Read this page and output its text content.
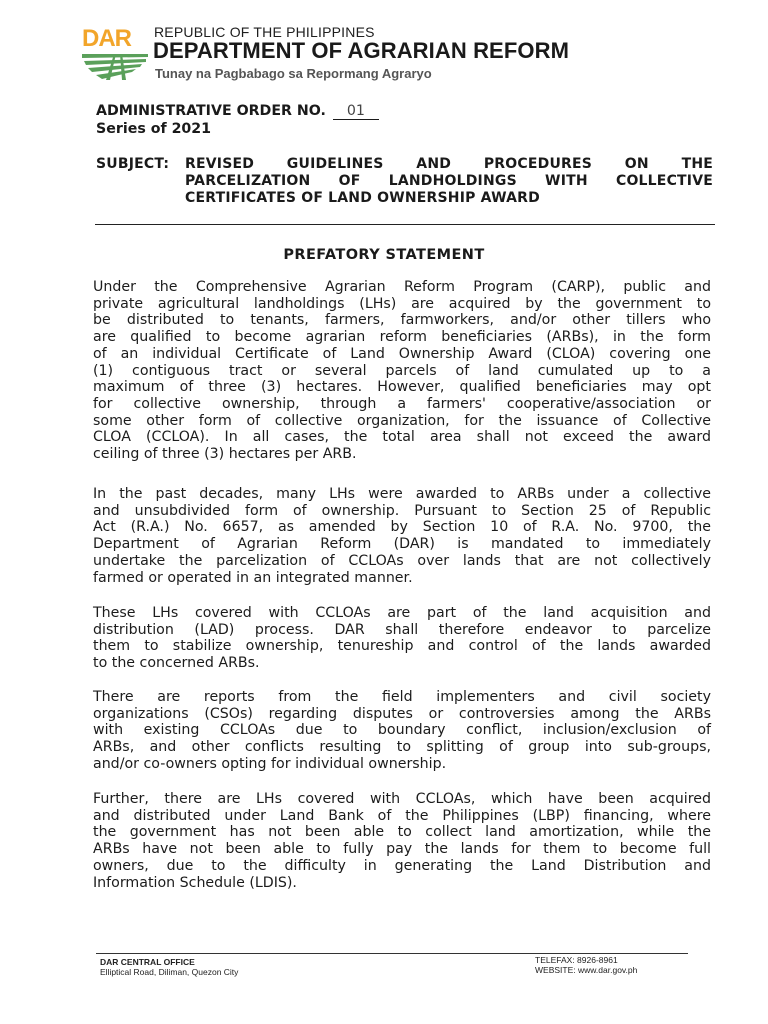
DAR REPUBLIC OF THE PHILIPPINES
DEPARTMENT OF AGRARIAN REFORM
Tunay na Pagbabago sa Repormang Agraryo
ADMINISTRATIVE ORDER NO. 01
Series of 2021
SUBJECT: REVISED GUIDELINES AND PROCEDURES ON THE
PARCELIZATION OF LANDHOLDINGS WITH COLLECTIVE
CERTIFICATES OF LAND OWNERSHIP AWARD
PREFATORY STATEMENT
Under the Comprehensive Agrarian Reform Program (CARP), public and
private agricultural landholdings (LHs) are acquired by the government to
be distributed to tenants, farmers, farmworkers, and/or other tillers who
are qualified to become agrarian reform beneficiaries (ARBs), in the form
of an individual Certificate of Land Ownership Award (CLOA) covering one
(1) contiguous tract or several parcels of land cumulated up to a
maximum of three (3) hectares. However, qualified beneficiaries may opt
for collective ownership, through a farmers' cooperative/association or
some other form of collective organization, for the issuance of Collective
CLOA (CCLOA). In all cases, the total area shall not exceed the award
ceiling of three (3) hectares per ARB.
In the past decades, many LHs were awarded to ARBs under a collective
and unsubdivided form of ownership. Pursuant to Section 25 of Republic
Act (R.A.) No. 6657, as amended by Section 10 of R.A. No. 9700, the
Department of Agrarian Reform (DAR) is mandated to immediately
undertake the parcelization of CCLOAs over lands that are not collectively
farmed or operated in an integrated manner.
These LHs covered with CCLOAs are part of the land acquisition and
distribution (LAD) process. DAR shall therefore endeavor to parcelize
them to stabilize ownership, tenureship and control of the lands awarded
to the concerned ARBs.
There are reports from the field implementers and civil society
organizations (CSOs) regarding disputes or controversies among the ARBs
with existing CCLOAs due to boundary conflict, inclusion/exclusion of
ARBs, and other conflicts resulting to splitting of group into sub-groups,
and/or co-owners opting for individual ownership.
Further, there are LHs covered with CCLOAs, which have been acquired
and distributed under Land Bank of the Philippines (LBP) financing, where
the government has not been able to collect land amortization, while the
ARBs have not been able to fully pay the lands for them to become full
owners, due to the difficulty in generating the Land Distribution and
Information Schedule (LDIS).
DAR CENTRAL OFFICE
Elliptical Road, Diliman, Quezon City
TELEFAX: 8926-8961
WEBSITE: www.dar.gov.ph
